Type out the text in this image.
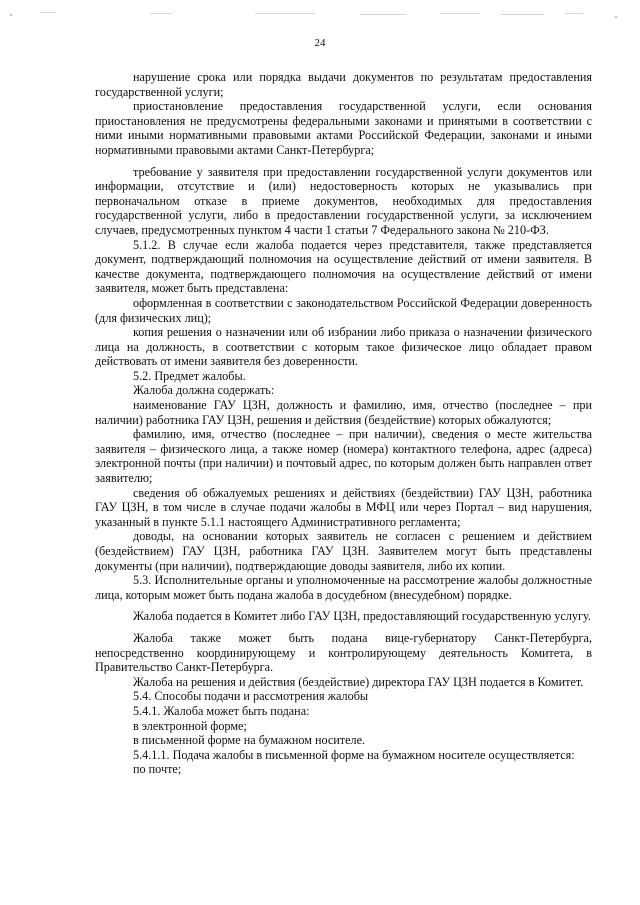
24

нарушение срока или порядка выдачи документов по результатам предоставления государственной услуги;

приостановление предоставления государственной услуги, если основания приостановления не предусмотрены федеральными законами и принятыми в соответствии с ними иными нормативными правовыми актами Российской Федерации, законами и иными нормативными правовыми актами Санкт-Петербурга;

требование у заявителя при предоставлении государственной услуги документов или информации, отсутствие и (или) недостоверность которых не указывались при первоначальном отказе в приеме документов, необходимых для предоставления государственной услуги, либо в предоставлении государственной услуги, за исключением случаев, предусмотренных пунктом 4 части 1 статьи 7 Федерального закона № 210-ФЗ.

5.1.2. В случае если жалоба подается через представителя, также представляется документ, подтверждающий полномочия на осуществление действий от имени заявителя. В качестве документа, подтверждающего полномочия на осуществление действий от имени заявителя, может быть представлена:

оформленная в соответствии с законодательством Российской Федерации доверенность (для физических лиц);

копия решения о назначении или об избрании либо приказа о назначении физического лица на должность, в соответствии с которым такое физическое лицо обладает правом действовать от имени заявителя без доверенности.

5.2. Предмет жалобы.

Жалоба должна содержать:

наименование ГАУ ЦЗН, должность и фамилию, имя, отчество (последнее – при наличии) работника ГАУ ЦЗН, решения и действия (бездействие) которых обжалуются;

фамилию, имя, отчество (последнее – при наличии), сведения о месте жительства заявителя – физического лица, а также номер (номера) контактного телефона, адрес (адреса) электронной почты (при наличии) и почтовый адрес, по которым должен быть направлен ответ заявителю;

сведения об обжалуемых решениях и действиях (бездействии) ГАУ ЦЗН, работника ГАУ ЦЗН, в том числе в случае подачи жалобы в МФЦ или через Портал – вид нарушения, указанный в пункте 5.1.1 настоящего Административного регламента;

доводы, на основании которых заявитель не согласен с решением и действием (бездействием) ГАУ ЦЗН, работника ГАУ ЦЗН. Заявителем могут быть представлены документы (при наличии), подтверждающие доводы заявителя, либо их копии.

5.3. Исполнительные органы и уполномоченные на рассмотрение жалобы должностные лица, которым может быть подана жалоба в досудебном (внесудебном) порядке.

Жалоба подается в Комитет либо ГАУ ЦЗН, предоставляющий государственную услугу.

Жалоба также может быть подана вице-губернатору Санкт-Петербурга, непосредственно координирующему и контролирующему деятельность Комитета, в Правительство Санкт-Петербурга.

Жалоба на решения и действия (бездействие) директора ГАУ ЦЗН подается в Комитет.

5.4. Способы подачи и рассмотрения жалобы

5.4.1. Жалоба может быть подана:

в электронной форме;

в письменной форме на бумажном носителе.

5.4.1.1. Подача жалобы в письменной форме на бумажном носителе осуществляется:

по почте;
